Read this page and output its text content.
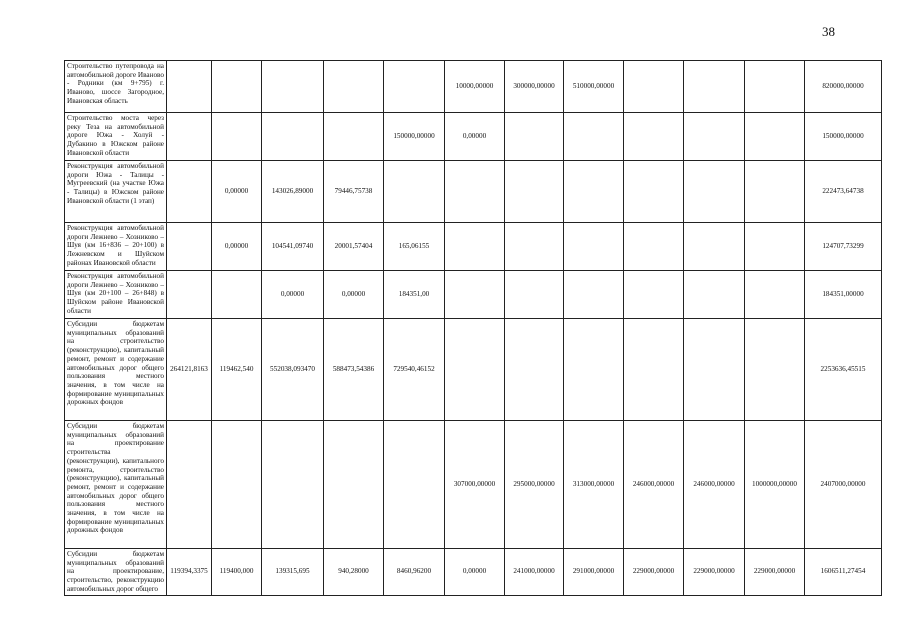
38
Строительство путепровода на автомобильной дороге Иваново - Родники (км 9+795) г. Иваново, шоссе Загородное, Ивановская область						10000,00000	300000,00000	510000,00000				820000,00000
Строительство моста через реку Теза на автомобильной дороге Южа - Холуй - Дубакино в Южском районе Ивановской области					150000,00000	0,00000						150000,00000
Реконструкция автомобильной дороги Южа - Талицы - Мугреевский (на участке Южа - Талицы) в Южском районе Ивановской области (1 этап)		0,00000	143026,89000	79446,75738								222473,64738
Реконструкция автомобильной дороги Лежнево – Хозниково – Шуя (км 16+836 – 20+100) в Лежневском и Шуйском районах Ивановской области		0,00000	104541,09740	20001,57404	165,06155							124707,73299
Реконструкция автомобильной дороги Лежнево – Хозниково – Шуя (км 20+100 – 26+848) в Шуйском районе Ивановской области			0,00000	0,00000	184351,00							184351,00000
Субсидии бюджетам муниципальных образований на строительство (реконструкцию), капитальный ремонт, ремонт и содержание автомобильных дорог общего пользования местного значения, в том числе на формирование муниципальных дорожных фондов	264121,8163	119462,540	552038,093470	588473,54386	729540,46152							2253636,45515
Субсидии бюджетам муниципальных образований на проектирование строительства (реконструкции), капитального ремонта, строительство (реконструкцию), капитальный ремонт, ремонт и содержание автомобильных дорог общего пользования местного значения, в том числе на формирование муниципальных дорожных фондов						307000,00000	295000,00000	313000,00000	246000,00000	246000,00000	1000000,00000	2407000,00000
Субсидии бюджетам муниципальных образований на проектирование, строительство, реконструкцию автомобильных дорог общего	119394,3375	119400,000	139315,695	940,28000	8460,96200	0,00000	241000,00000	291000,00000	229000,00000	229000,00000	229000,00000	1606511,27454
